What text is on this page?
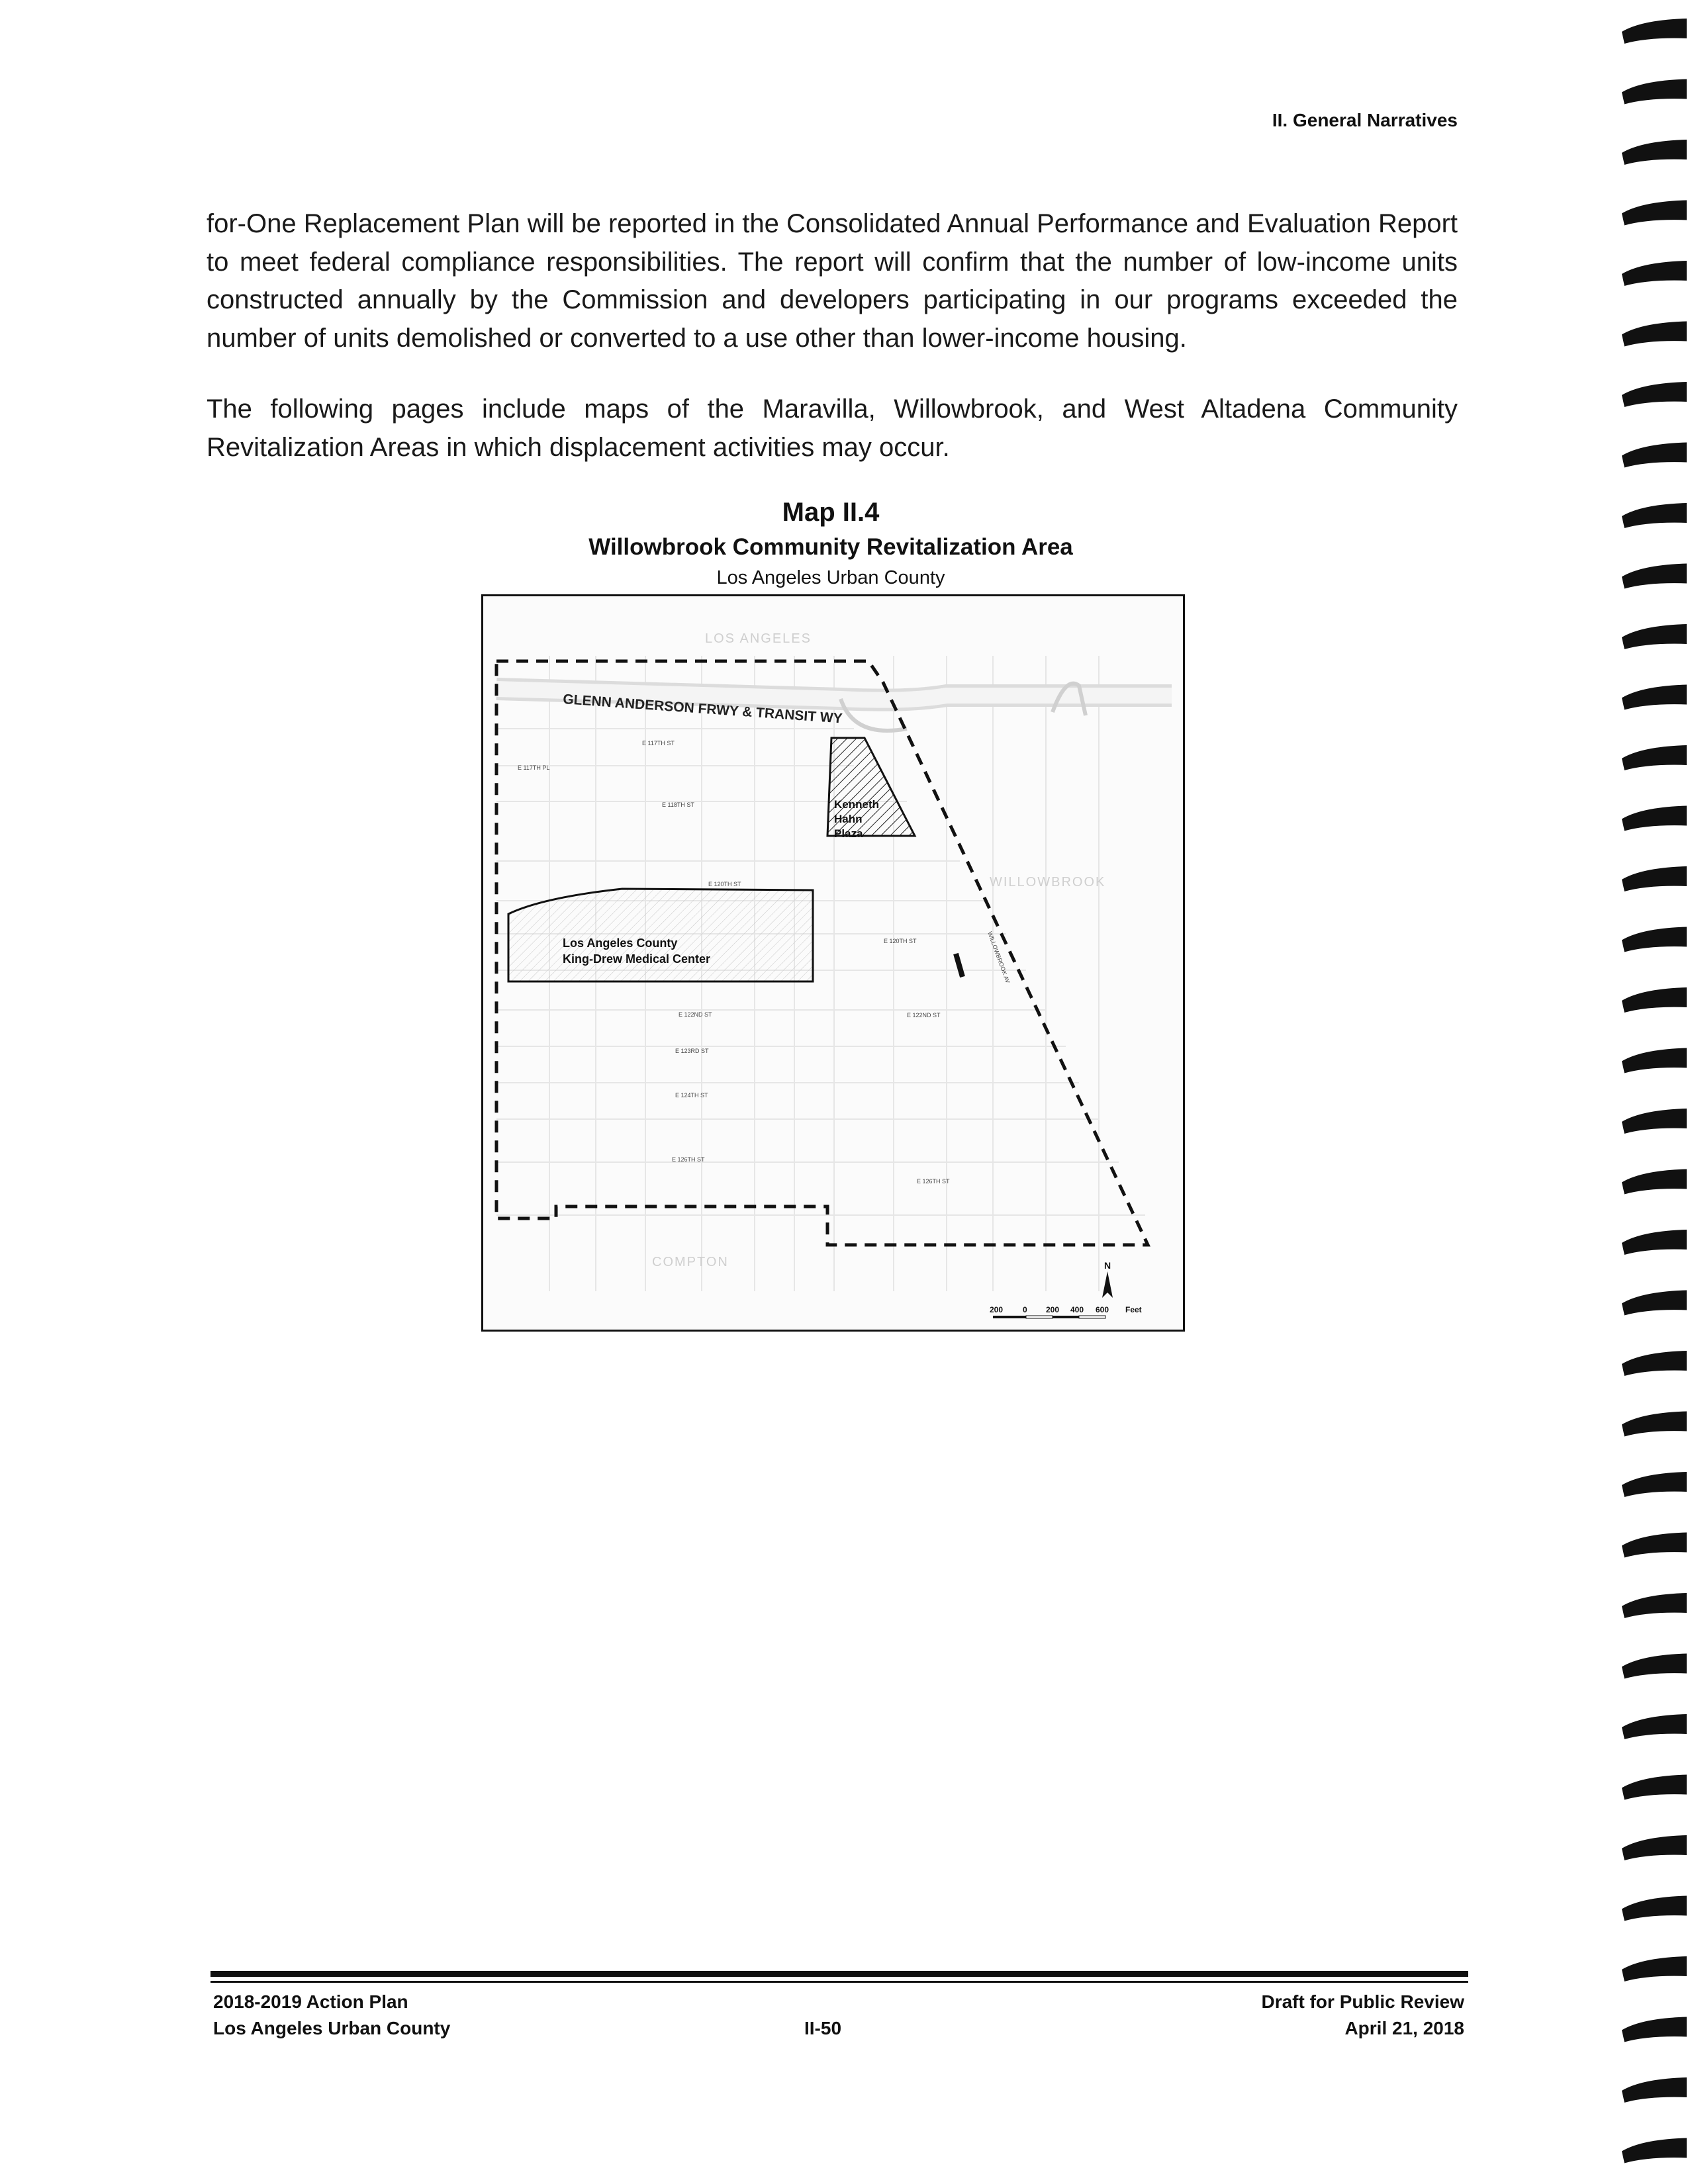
II. General Narratives
for-One Replacement Plan will be reported in the Consolidated Annual Performance and Evaluation Report to meet federal compliance responsibilities. The report will confirm that the number of low-income units constructed annually by the Commission and developers participating in our programs exceeded the number of units demolished or converted to a use other than lower-income housing.
The following pages include maps of the Maravilla, Willowbrook, and West Altadena Community Revitalization Areas in which displacement activities may occur.
Map II.4
Willowbrook Community Revitalization Area
Los Angeles Urban County
LOS ANGELES
WILLOWBROOK
COMPTON
GLENN ANDERSON FRWY & TRANSIT WY
Kenneth
Hahn
Plaza
Los Angeles County
King-Drew Medical Center
E 117TH ST
E 117TH PL
E 118TH ST
E 120TH ST
E 120TH ST
E 122ND ST	E 122ND ST
E 123RD ST
E 124TH ST
E 126TH ST
E 126TH ST
WILLOWBROOK AV
N
200 0 200 400 600 Feet
2018-2019 Action Plan
Los Angeles Urban County	II-50
Draft for Public Review
April 21, 2018
